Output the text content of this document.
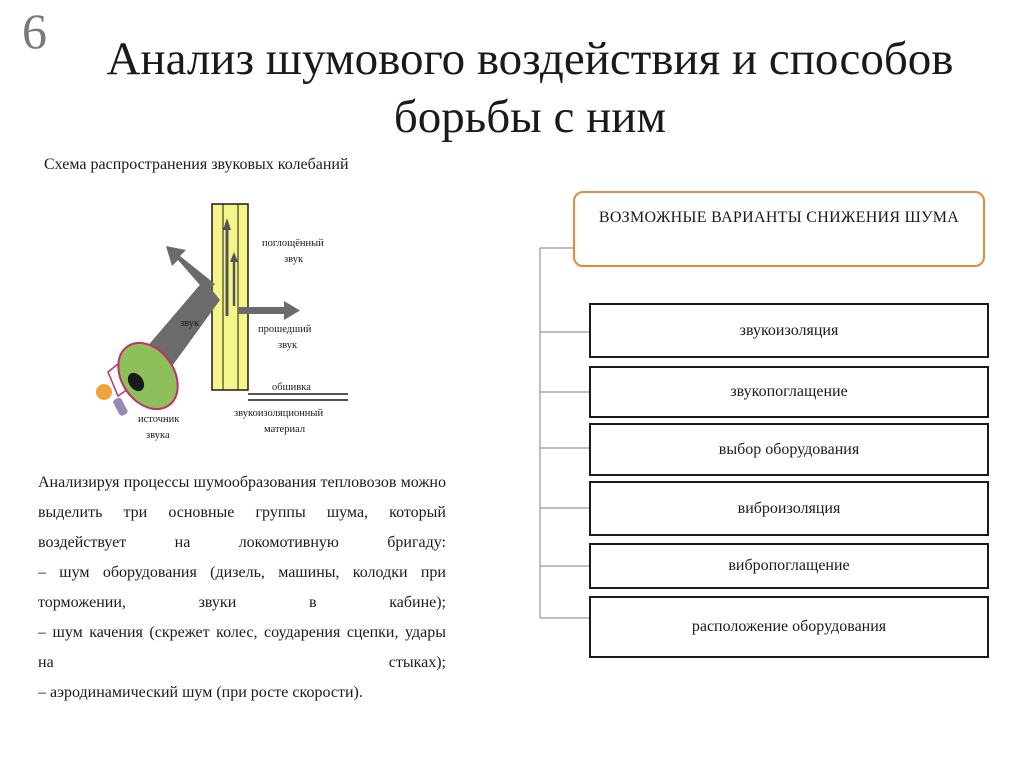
6	Анализ шумового воздействия и способов борьбы с ним
Схема распространения звуковых колебаний
поглощённый
звук
звук
прошедший
звук
обшивка
звукоизоляционный
материал
источник
звука

Анализируя процессы шумообразования тепловозов можно выделить три основные группы шума, который воздействует на локомотивную бригаду:

– шум оборудования (дизель, машины, колодки при торможении, звуки в кабине);

– шум качения (скрежет колес, соударения сцепки, удары на стыках);

– аэродинамический шум (при росте скорости).

ВОЗМОЖНЫЕ ВАРИАНТЫ СНИЖЕНИЯ ШУМА
звукоизоляция
звукопоглащение
выбор оборудования
виброизоляция
вибропоглащение
расположение оборудования
